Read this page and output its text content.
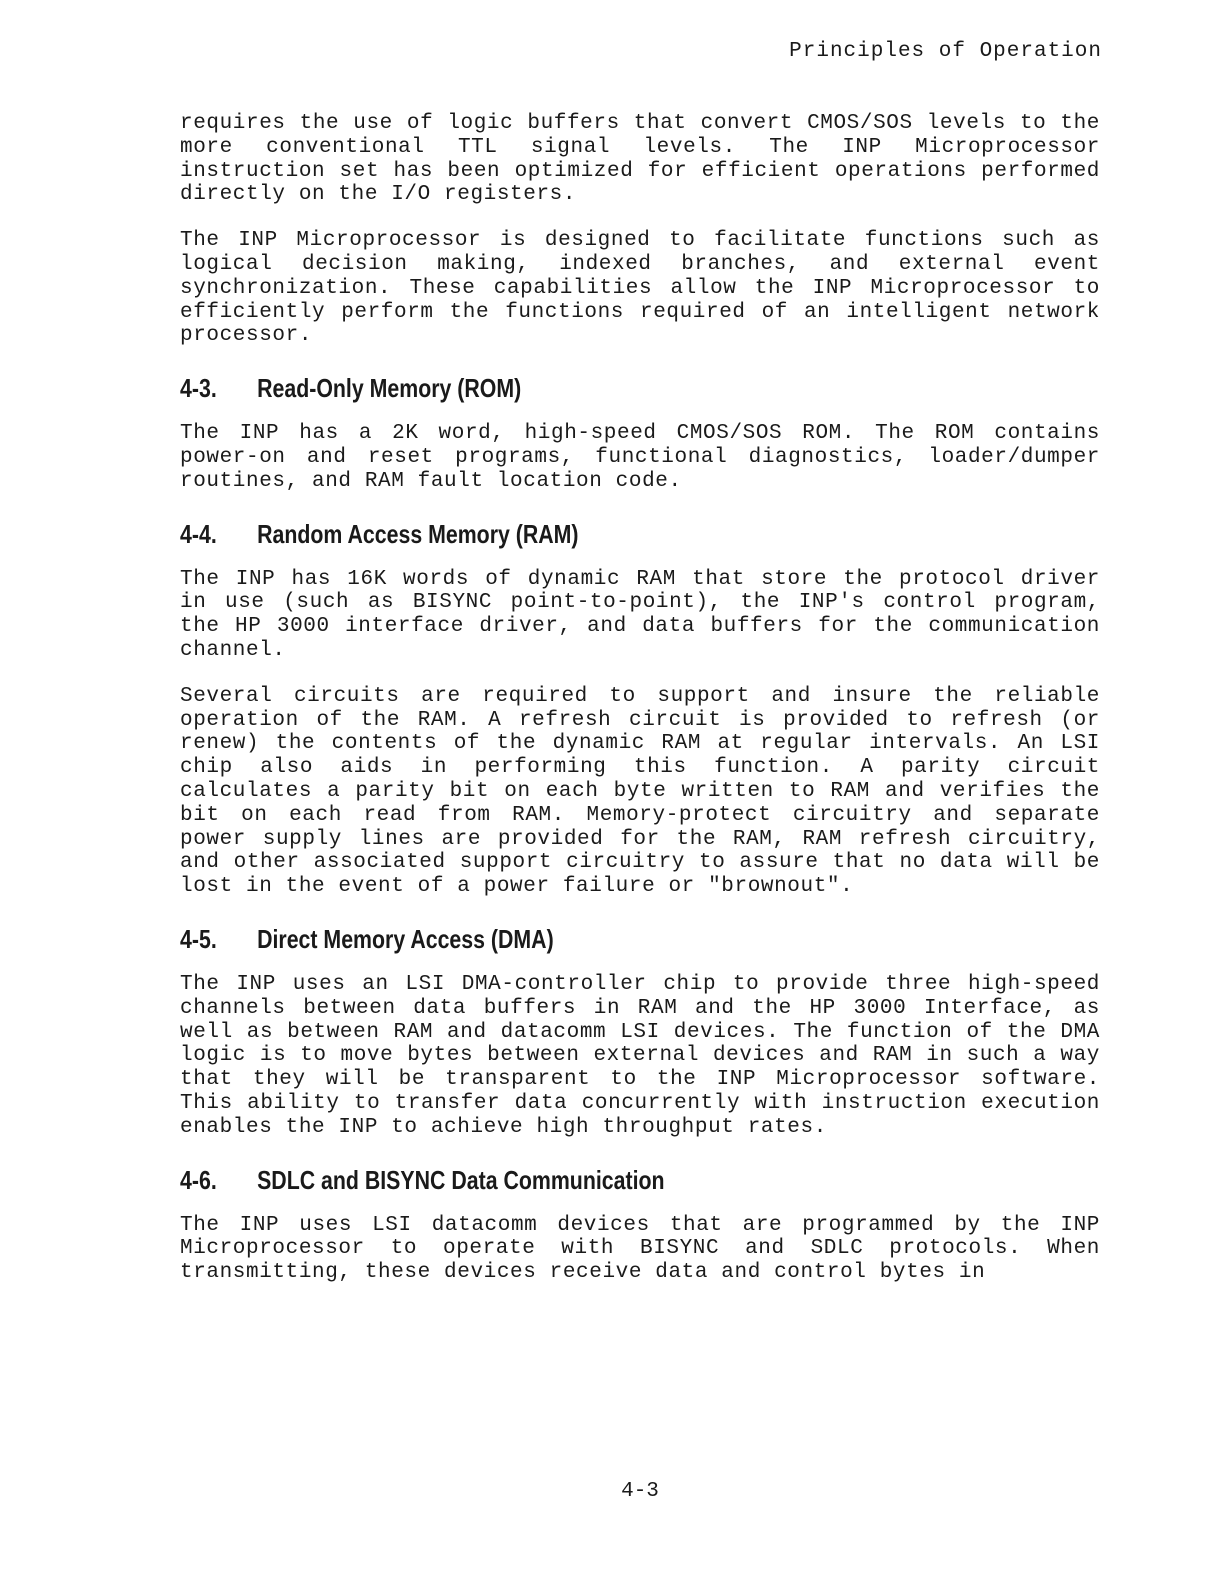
Principles of Operation

requires the use of logic buffers that convert CMOS/SOS levels to the more conventional TTL signal levels. The INP Microprocessor instruction set has been optimized for efficient operations performed directly on the I/O registers.

The INP Microprocessor is designed to facilitate functions such as logical decision making, indexed branches, and external event synchronization. These capabilities allow the INP Microprocessor to efficiently perform the functions required of an intelligent network processor.

4-3. Read-Only Memory (ROM)

The INP has a 2K word, high-speed CMOS/SOS ROM. The ROM contains power-on and reset programs, functional diagnostics, loader/dumper routines, and RAM fault location code.

4-4. Random Access Memory (RAM)

The INP has 16K words of dynamic RAM that store the protocol driver in use (such as BISYNC point-to-point), the INP's control program, the HP 3000 interface driver, and data buffers for the communication channel.

Several circuits are required to support and insure the reliable operation of the RAM. A refresh circuit is provided to refresh (or renew) the contents of the dynamic RAM at regular intervals. An LSI chip also aids in performing this function. A parity circuit calculates a parity bit on each byte written to RAM and verifies the bit on each read from RAM. Memory-protect circuitry and separate power supply lines are provided for the RAM, RAM refresh circuitry, and other associated support circuitry to assure that no data will be lost in the event of a power failure or "brownout".

4-5. Direct Memory Access (DMA)

The INP uses an LSI DMA-controller chip to provide three high-speed channels between data buffers in RAM and the HP 3000 Interface, as well as between RAM and datacomm LSI devices. The function of the DMA logic is to move bytes between external devices and RAM in such a way that they will be transparent to the INP Microprocessor software. This ability to transfer data concurrently with instruction execution enables the INP to achieve high throughput rates.

4-6. SDLC and BISYNC Data Communication

The INP uses LSI datacomm devices that are programmed by the INP Microprocessor to operate with BISYNC and SDLC protocols. When transmitting, these devices receive data and control bytes in

4-3
